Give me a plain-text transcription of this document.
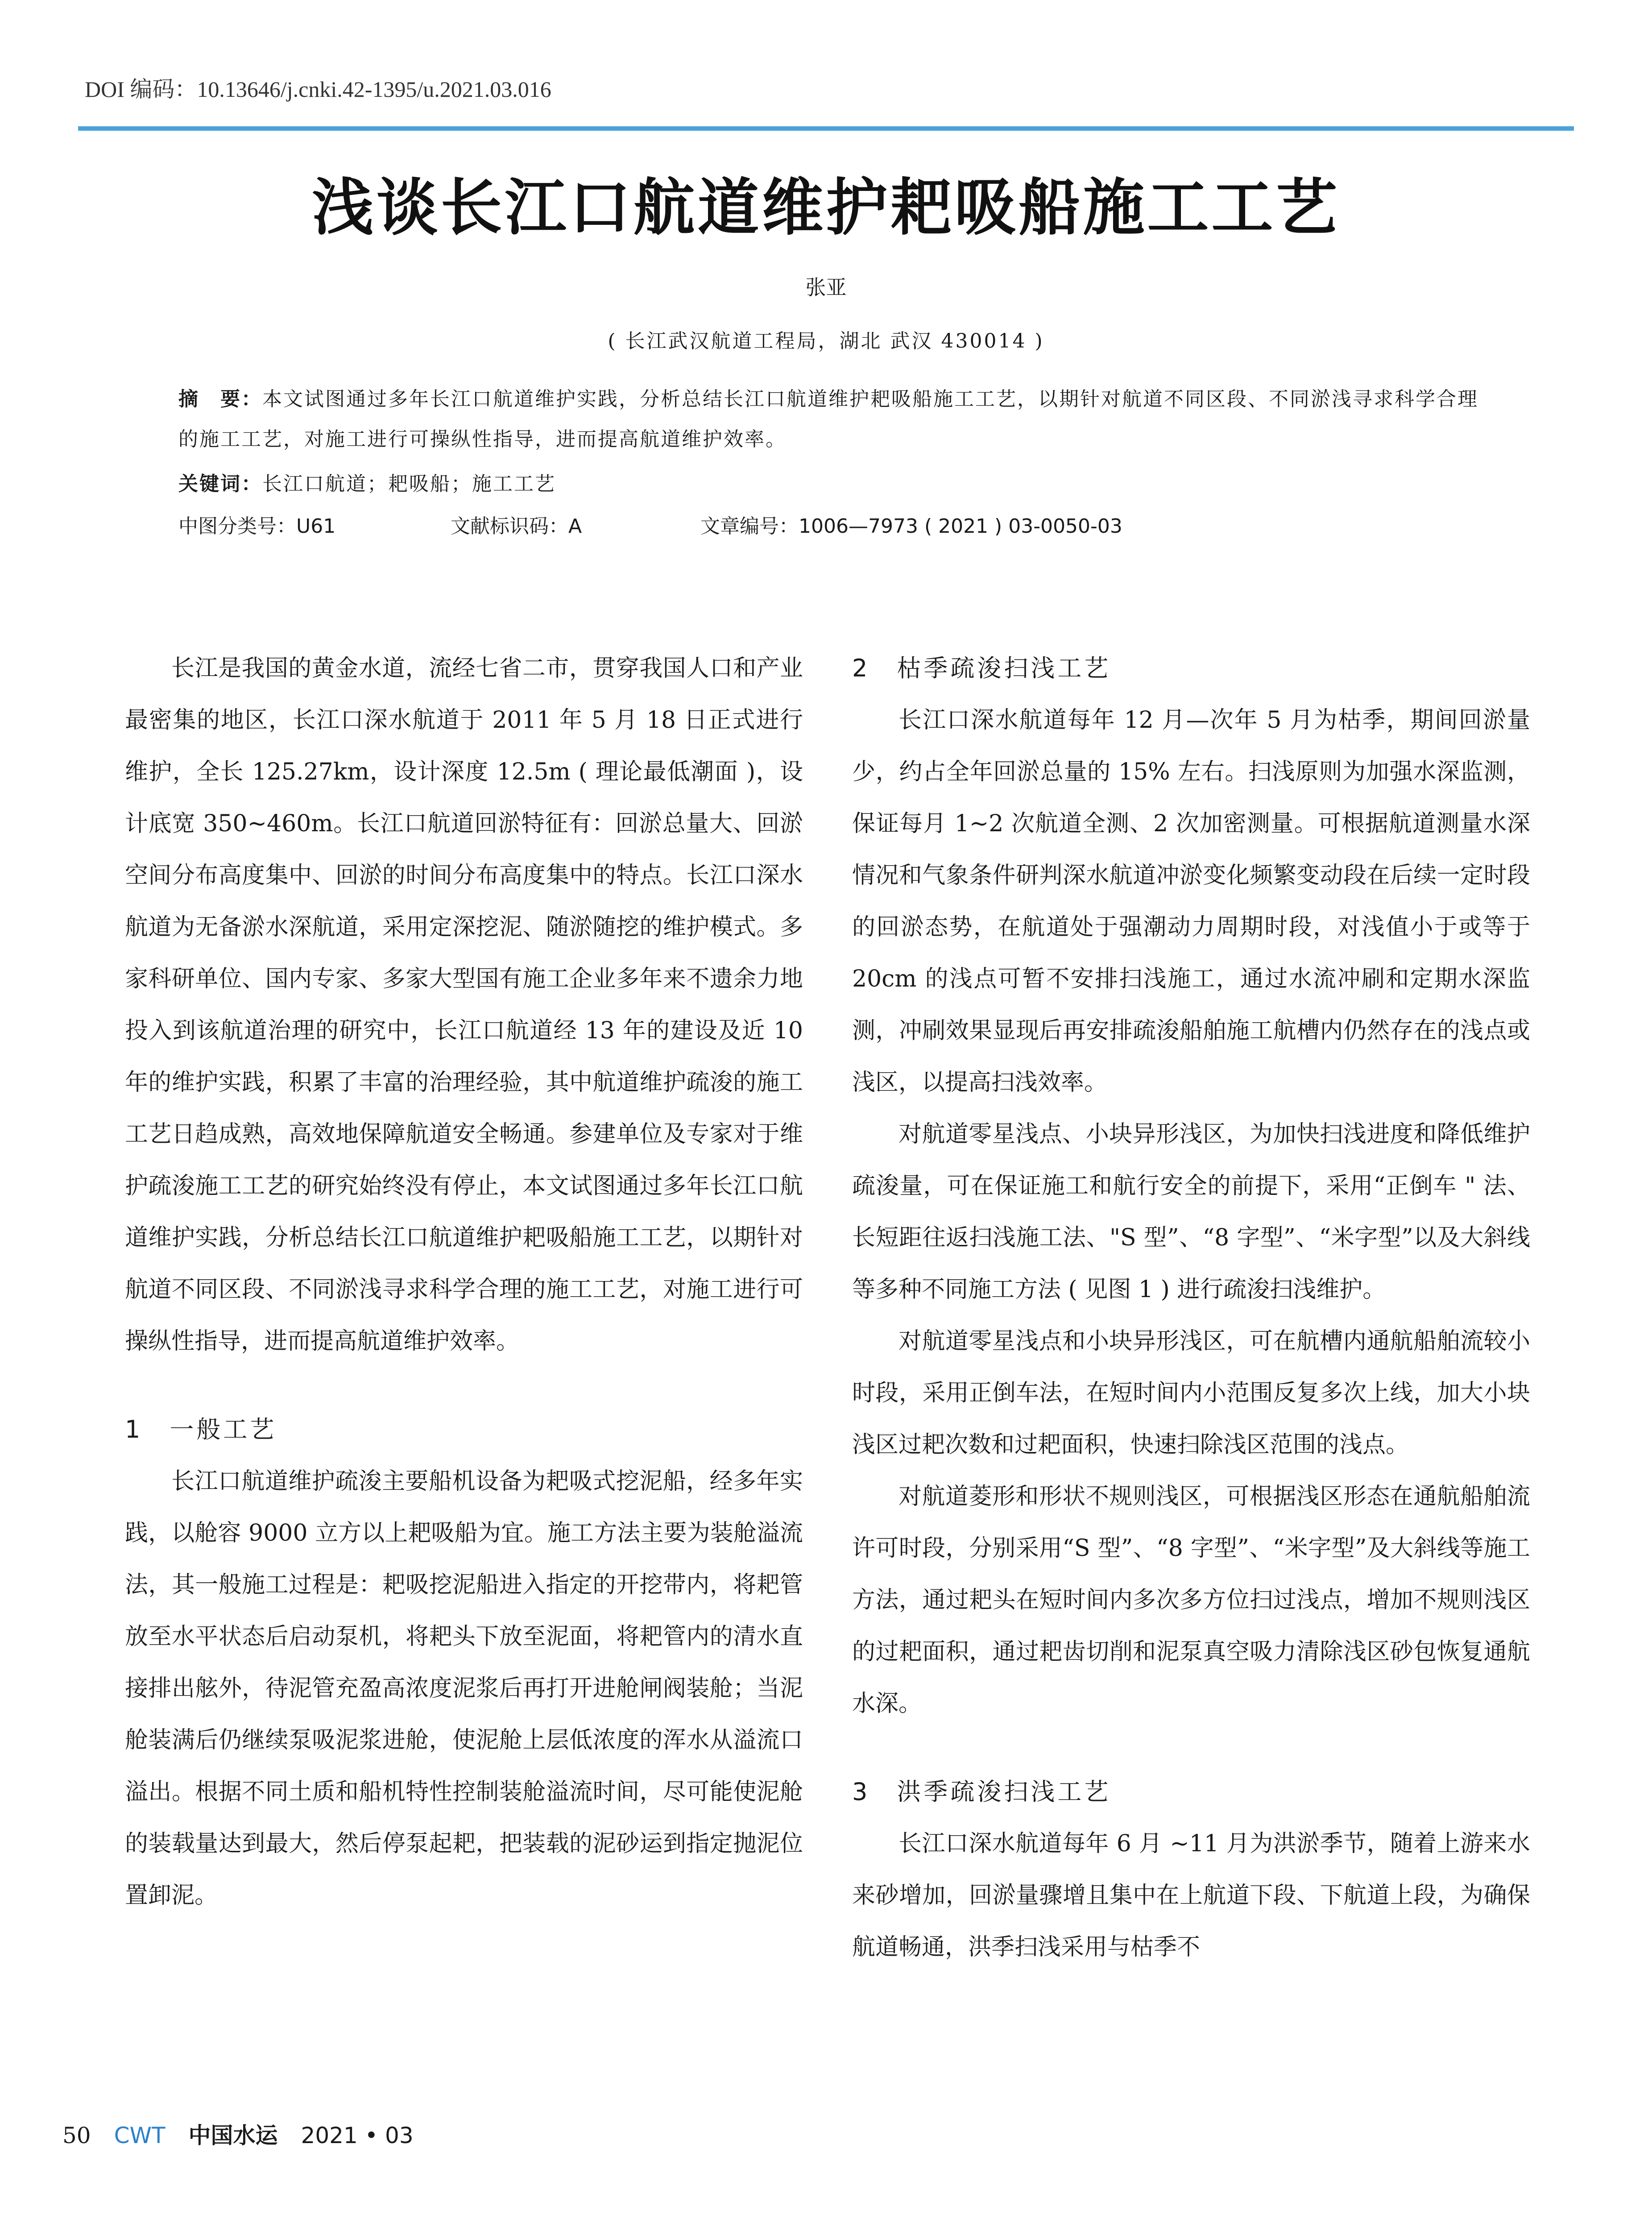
DOI 编码：10.13646/j.cnki.42-1395/u.2021.03.016
浅谈长江口航道维护耙吸船施工工艺
张亚
( 长江武汉航道工程局，湖北 武汉 430014 )
摘　要：本文试图通过多年长江口航道维护实践，分析总结长江口航道维护耙吸船施工工艺，以期针对航道不同区段、不同淤浅寻求科学合理的施工工艺，对施工进行可操纵性指导，进而提高航道维护效率。
关键词：长江口航道；耙吸船；施工工艺
中图分类号：U61	文献标识码：A	文章编号：1006—7973 ( 2021 ) 03-0050-03

长江是我国的黄金水道，流经七省二市，贯穿我国人口和产业最密集的地区，长江口深水航道于 2011 年 5 月 18 日正式进行维护，全长 125.27km，设计深度 12.5m ( 理论最低潮面 )，设计底宽 350~460m。长江口航道回淤特征有：回淤总量大、回淤空间分布高度集中、回淤的时间分布高度集中的特点。长江口深水航道为无备淤水深航道，采用定深挖泥、随淤随挖的维护模式。多家科研单位、国内专家、多家大型国有施工企业多年来不遗余力地投入到该航道治理的研究中，长江口航道经 13 年的建设及近 10 年的维护实践，积累了丰富的治理经验，其中航道维护疏浚的施工工艺日趋成熟，高效地保障航道安全畅通。参建单位及专家对于维护疏浚施工工艺的研究始终没有停止，本文试图通过多年长江口航道维护实践，分析总结长江口航道维护耙吸船施工工艺，以期针对航道不同区段、不同淤浅寻求科学合理的施工工艺，对施工进行可操纵性指导，进而提高航道维护效率。

1　一般工艺

长江口航道维护疏浚主要船机设备为耙吸式挖泥船，经多年实践，以舱容 9000 立方以上耙吸船为宜。施工方法主要为装舱溢流法，其一般施工过程是：耙吸挖泥船进入指定的开挖带内，将耙管放至水平状态后启动泵机，将耙头下放至泥面，将耙管内的清水直接排出舷外，待泥管充盈高浓度泥浆后再打开进舱闸阀装舱；当泥舱装满后仍继续泵吸泥浆进舱，使泥舱上层低浓度的浑水从溢流口溢出。根据不同土质和船机特性控制装舱溢流时间，尽可能使泥舱的装载量达到最大，然后停泵起耙，把装载的泥砂运到指定抛泥位置卸泥。

2　枯季疏浚扫浅工艺

长江口深水航道每年 12 月—次年 5 月为枯季，期间回淤量少，约占全年回淤总量的 15% 左右。扫浅原则为加强水深监测，保证每月 1~2 次航道全测、2 次加密测量。可根据航道测量水深情况和气象条件研判深水航道冲淤变化频繁变动段在后续一定时段的回淤态势，在航道处于强潮动力周期时段，对浅值小于或等于 20cm 的浅点可暂不安排扫浅施工，通过水流冲刷和定期水深监测，冲刷效果显现后再安排疏浚船舶施工航槽内仍然存在的浅点或浅区，以提高扫浅效率。

对航道零星浅点、小块异形浅区，为加快扫浅进度和降低维护疏浚量，可在保证施工和航行安全的前提下，采用“正倒车 " 法、长短距往返扫浅施工法、"S 型”、“8 字型”、“米字型”以及大斜线等多种不同施工方法 ( 见图 1 ) 进行疏浚扫浅维护。

对航道零星浅点和小块异形浅区，可在航槽内通航船舶流较小时段，采用正倒车法，在短时间内小范围反复多次上线，加大小块浅区过耙次数和过耙面积，快速扫除浅区范围的浅点。

对航道菱形和形状不规则浅区，可根据浅区形态在通航船舶流许可时段，分别采用“S 型”、“8 字型”、“米字型”及大斜线等施工方法，通过耙头在短时间内多次多方位扫过浅点，增加不规则浅区的过耙面积，通过耙齿切削和泥泵真空吸力清除浅区砂包恢复通航水深。

3　洪季疏浚扫浅工艺

长江口深水航道每年 6 月 ~11 月为洪淤季节，随着上游来水来砂增加，回淤量骤增且集中在上航道下段、下航道上段，为确保航道畅通，洪季扫浅采用与枯季不

50 CWT 中国水运 2021 • 03
